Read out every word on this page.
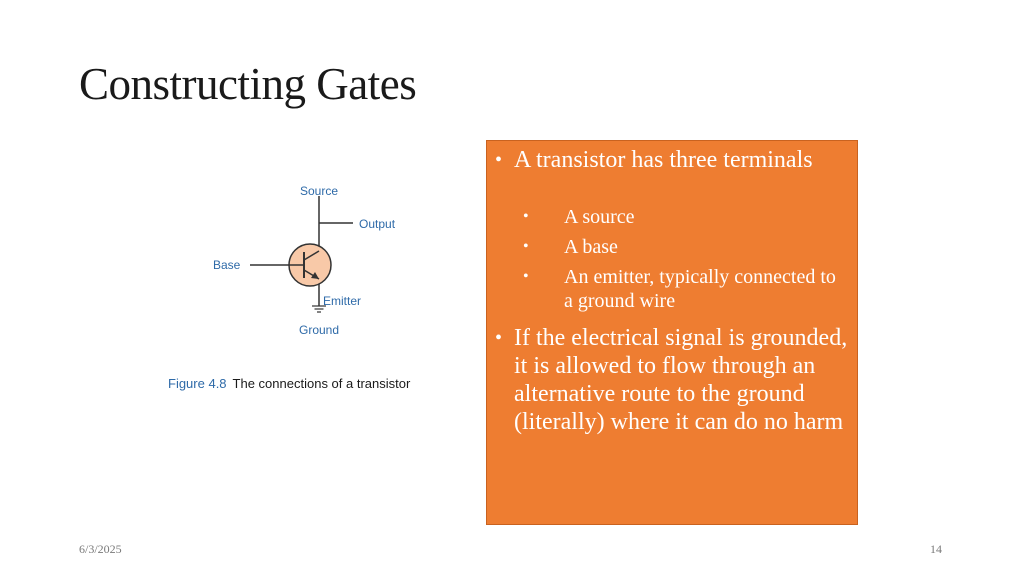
Constructing Gates
Source
Output
Base
Emitter
Ground
Figure 4.8 The connections of a transistor
• A transistor has three terminals
•	A source
•	A base
•	An emitter, typically connected to a ground wire
• If the electrical signal is grounded, it is allowed to flow through an alternative route to the ground (literally) where it can do no harm
6/3/2025	14
